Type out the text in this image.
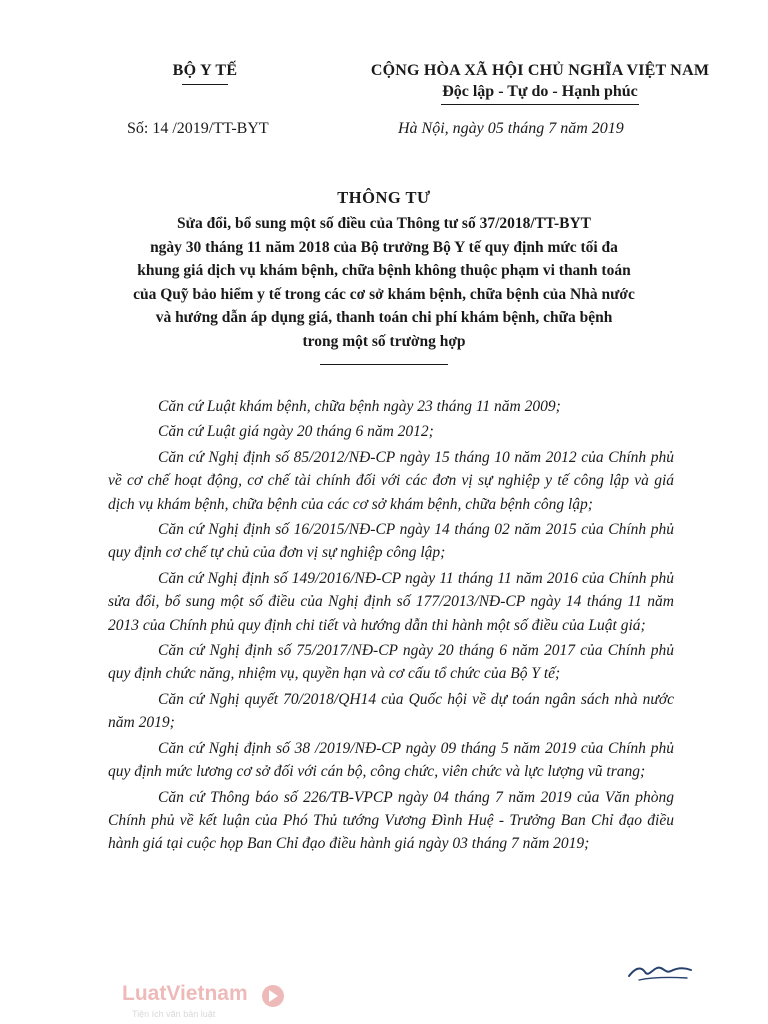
BỘ Y TẾ	CỘNG HÒA XÃ HỘI CHỦ NGHĨA VIỆT NAM
Độc lập - Tự do - Hạnh phúc
Số: 14 /2019/TT-BYT	Hà Nội, ngày 05 tháng 7 năm 2019
THÔNG TƯ
Sửa đổi, bổ sung một số điều của Thông tư số 37/2018/TT-BYT
ngày 30 tháng 11 năm 2018 của Bộ trưởng Bộ Y tế quy định mức tối đa
khung giá dịch vụ khám bệnh, chữa bệnh không thuộc phạm vi thanh toán
của Quỹ bảo hiểm y tế trong các cơ sở khám bệnh, chữa bệnh của Nhà nước
và hướng dẫn áp dụng giá, thanh toán chi phí khám bệnh, chữa bệnh
trong một số trường hợp

Căn cứ Luật khám bệnh, chữa bệnh ngày 23 tháng 11 năm 2009;

Căn cứ Luật giá ngày 20 tháng 6 năm 2012;

Căn cứ Nghị định số 85/2012/NĐ-CP ngày 15 tháng 10 năm 2012 của Chính phủ về cơ chế hoạt động, cơ chế tài chính đối với các đơn vị sự nghiệp y tế công lập và giá dịch vụ khám bệnh, chữa bệnh của các cơ sở khám bệnh, chữa bệnh công lập;

Căn cứ Nghị định số 16/2015/NĐ-CP ngày 14 tháng 02 năm 2015 của Chính phủ quy định cơ chế tự chủ của đơn vị sự nghiệp công lập;

Căn cứ Nghị định số 149/2016/NĐ-CP ngày 11 tháng 11 năm 2016 của Chính phủ sửa đổi, bổ sung một số điều của Nghị định số 177/2013/NĐ-CP ngày 14 tháng 11 năm 2013 của Chính phủ quy định chi tiết và hướng dẫn thi hành một số điều của Luật giá;

Căn cứ Nghị định số 75/2017/NĐ-CP ngày 20 tháng 6 năm 2017 của Chính phủ quy định chức năng, nhiệm vụ, quyền hạn và cơ cấu tổ chức của Bộ Y tế;

Căn cứ Nghị quyết 70/2018/QH14 của Quốc hội về dự toán ngân sách nhà nước năm 2019;

Căn cứ Nghị định số 38 /2019/NĐ-CP ngày 09 tháng 5 năm 2019 của Chính phủ quy định mức lương cơ sở đối với cán bộ, công chức, viên chức và lực lượng vũ trang;

Căn cứ Thông báo số 226/TB-VPCP ngày 04 tháng 7 năm 2019 của Văn phòng Chính phủ về kết luận của Phó Thủ tướng Vương Đình Huệ - Trưởng Ban Chỉ đạo điều hành giá tại cuộc họp Ban Chỉ đạo điều hành giá ngày 03 tháng 7 năm 2019;

LuatVietnam
Tiện ích văn bản luật
